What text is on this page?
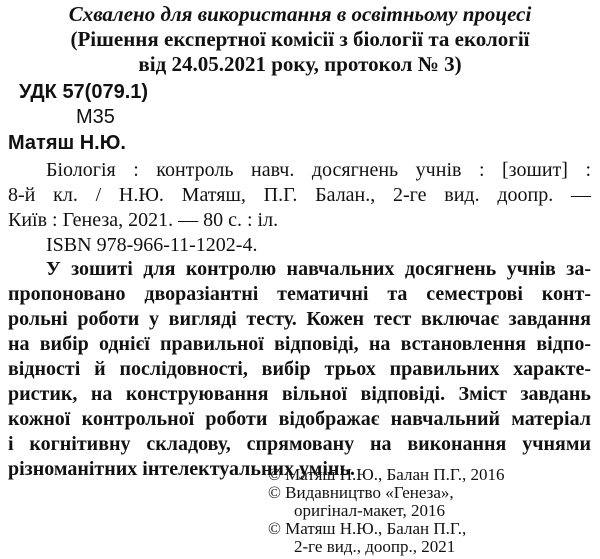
Схвалено для використання в освітньому процесі
(Рішення експертної комісії з біології та екології
від 24.05.2021 року, протокол № 3)
УДК 57(079.1)
М35
Матяш Н.Ю.
Біологія : контроль навч. досягнень учнів : [зошит] :
8-й кл. / Н.Ю. Матяш, П.Г. Балан., 2-ге вид. доопр. —
Київ : Генеза, 2021. — 80 с. : іл.
ISBN 978-966-11-1202-4.
У зошиті для контролю навчальних досягнень учнів за-
пропоновано дворазіантні тематичні та семестрові конт-
рольні роботи у вигляді тесту. Кожен тест включає завдання
на вибір однієї правильної відповіді, на встановлення відпо-
відності й послідовності, вибір трьох правильних характе-
ристик, на конструювання вільної відповіді. Зміст завдань
кожної контрольної роботи відображає навчальний матеріал
і когнітивну складову, спрямовану на виконання учнями
різноманітних інтелектуальних умінь.
© Матяш Н.Ю., Балан П.Г., 2016
© Видавництво «Генеза»,
оригінал-макет, 2016
© Матяш Н.Ю., Балан П.Г.,
2-ге вид., доопр., 2021
